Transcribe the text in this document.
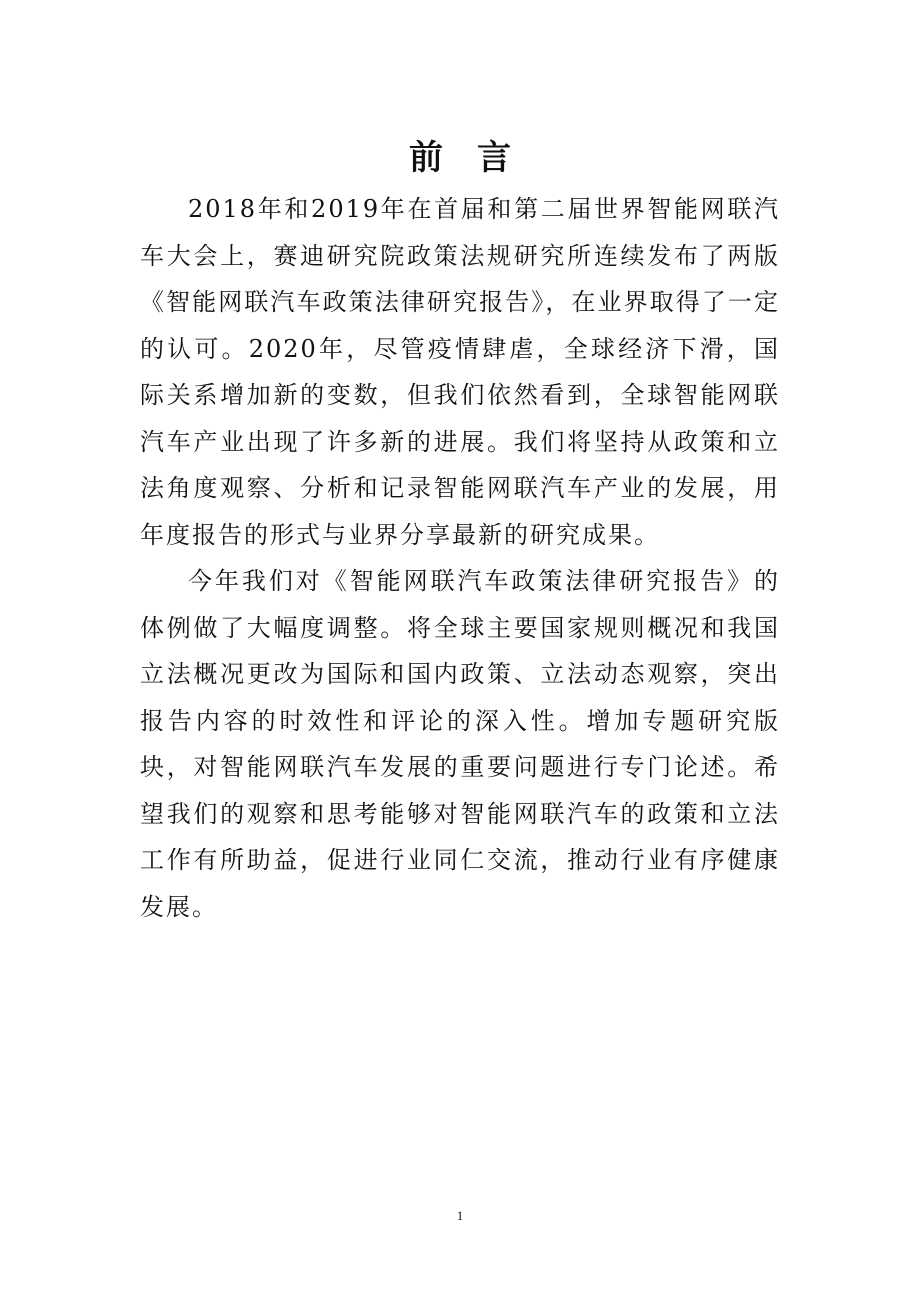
前言

2018年和2019年在首届和第二届世界智能网联汽车大会上，赛迪研究院政策法规研究所连续发布了两版《智能网联汽车政策法律研究报告》，在业界取得了一定的认可。2020年，尽管疫情肆虐，全球经济下滑，国际关系增加新的变数，但我们依然看到，全球智能网联汽车产业出现了许多新的进展。我们将坚持从政策和立法角度观察、分析和记录智能网联汽车产业的发展，用年度报告的形式与业界分享最新的研究成果。

今年我们对《智能网联汽车政策法律研究报告》的体例做了大幅度调整。将全球主要国家规则概况和我国立法概况更改为国际和国内政策、立法动态观察，突出报告内容的时效性和评论的深入性。增加专题研究版块，对智能网联汽车发展的重要问题进行专门论述。希望我们的观察和思考能够对智能网联汽车的政策和立法工作有所助益，促进行业同仁交流，推动行业有序健康发展。

1
